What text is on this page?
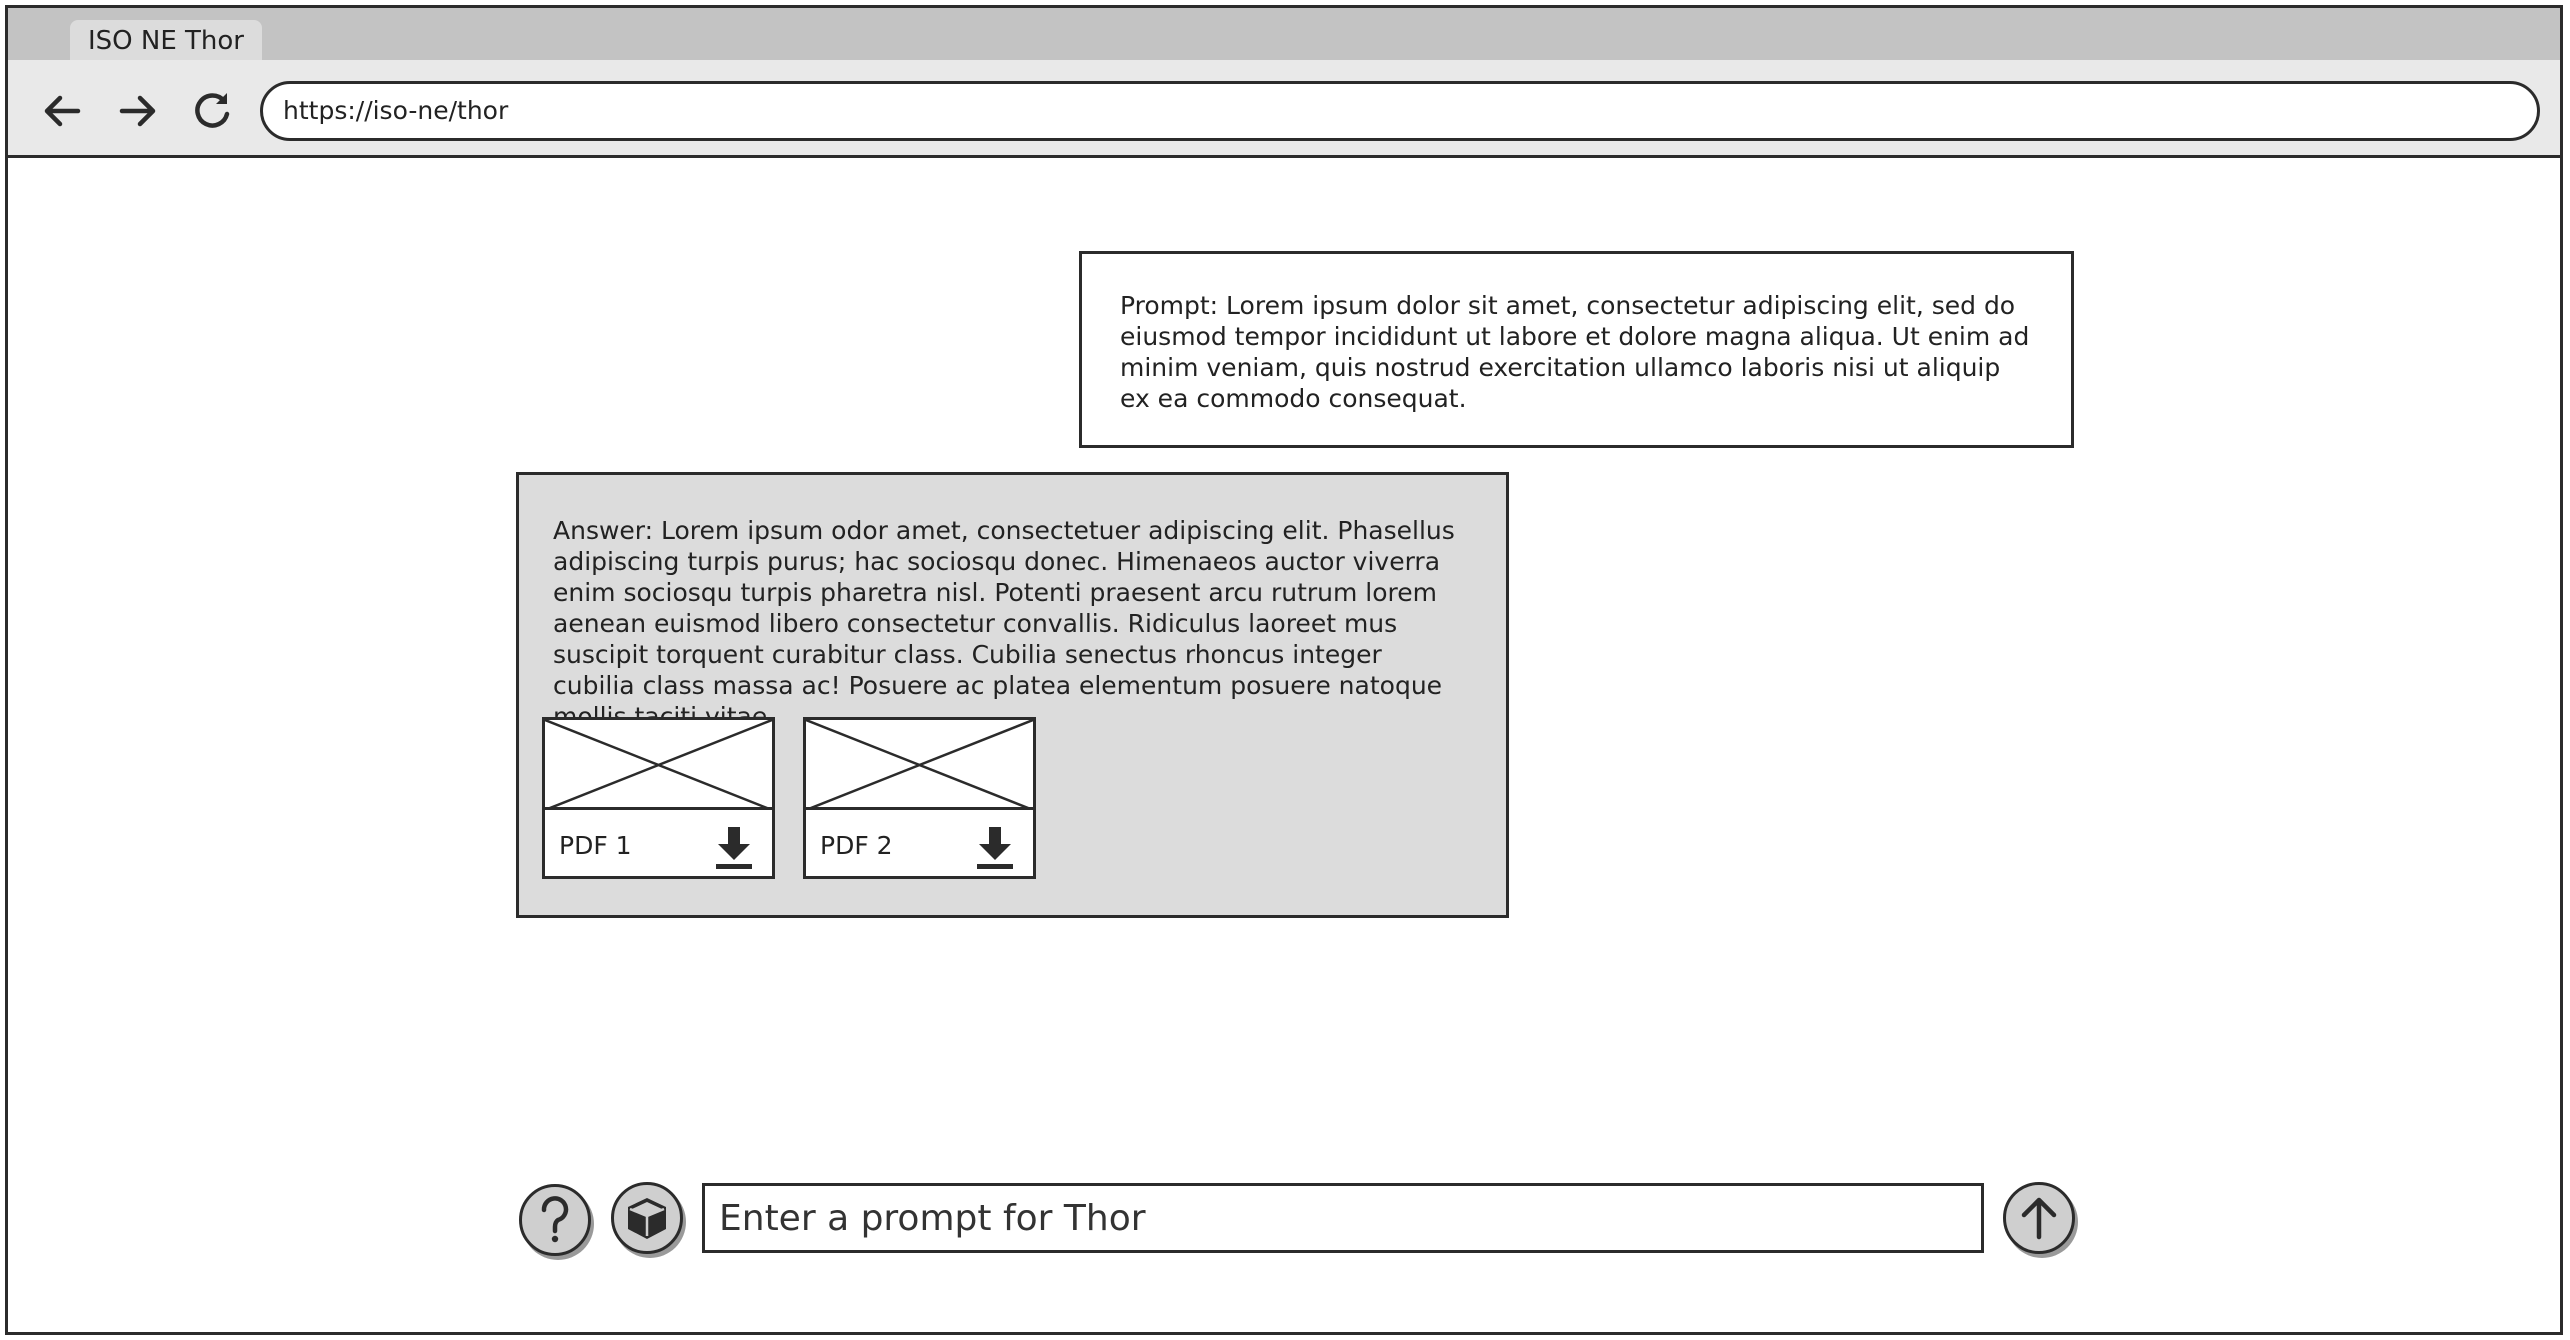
ISO NE Thor
https://iso-ne/thor
Prompt: Lorem ipsum dolor sit amet, consectetur adipiscing elit, sed do eiusmod tempor incididunt ut labore et dolore magna aliqua. Ut enim ad minim veniam, quis nostrud exercitation ullamco laboris nisi ut aliquip ex ea commodo consequat.
Answer: Lorem ipsum odor amet, consectetuer adipiscing elit. Phasellus adipiscing turpis purus; hac sociosqu donec. Himenaeos auctor viverra enim sociosqu turpis pharetra nisl. Potenti praesent arcu rutrum lorem aenean euismod libero consectetur convallis. Ridiculus laoreet mus suscipit torquent curabitur class. Cubilia senectus rhoncus integer cubilia class massa ac! Posuere ac platea elementum posuere natoque
PDF 1	PDF 2
Enter a prompt for Thor
